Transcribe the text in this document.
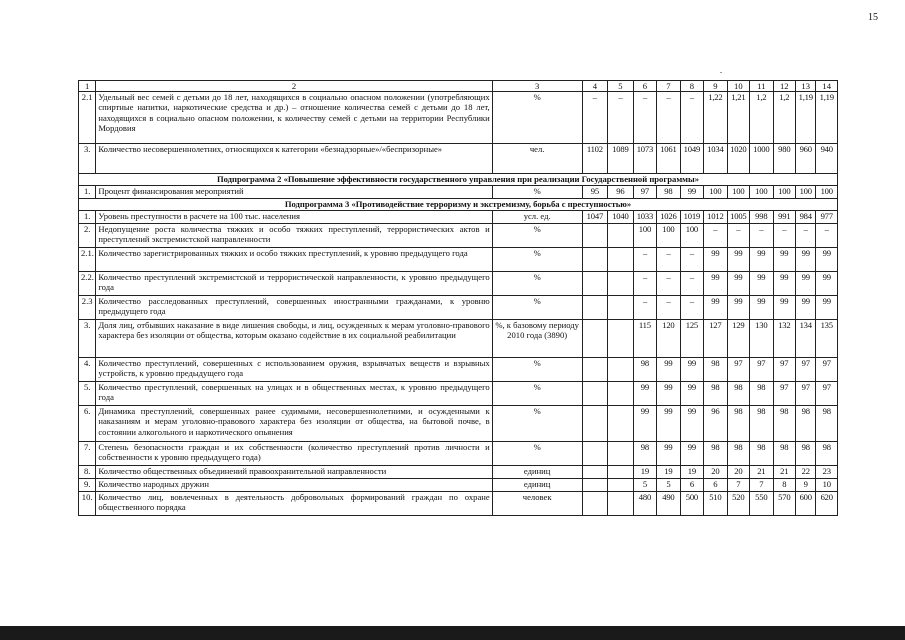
15
1	2	3	4	5	6	7	8	9	10	11	12	13	14
2.1	Удельный вес семей с детьми до 18 лет, находящихся в социально опасном положении (употребляющих спиртные напитки, наркотические средства и др.) – отношение количества семей с детьми до 18 лет, находящихся в социально опасном положении, к количеству семей с детьми на территории Республики Мордовия	%	–	–	–	–	–	1,22	1,21	1,2	1,2	1,19	1,19
3.	Количество несовершеннолетних, относящихся к категории «безнадзорные»/«беспризорные»	чел.	1102	1089	1073	1061	1049	1034	1020	1000	980	960	940
Подпрограмма 2 «Повышение эффективности государственного управления при реализации Государственной программы»													
1.	Процент финансирования мероприятий	%	95	96	97	98	99	100	100	100	100	100	100
Подпрограмма 3 «Противодействие терроризму и экстремизму, борьба с преступностью»													
1.	Уровень преступности в расчете на 100 тыс. населения	усл. ед.	1047	1040	1033	1026	1019	1012	1005	998	991	984	977
2.	Недопущение роста количества тяжких и особо тяжких преступлений, террористических актов и преступлений экстремистской направленности	%			100	100	100	–	–	–	–	–	–
2.1.	Количество зарегистрированных тяжких и особо тяжких преступлений, к уровню предыдущего года	%			–	–	–	99	99	99	99	99	99
2.2.	Количество преступлений экстремистской и террористической направленности, к уровню предыдущего года	%			–	–	–	99	99	99	99	99	99
2.3	Количество расследованных преступлений, совершенных иностранными гражданами, к уровню предыдущего года	%			–	–	–	99	99	99	99	99	99
3.	Доля лиц, отбывших наказание в виде лишения свободы, и лиц, осужденных к мерам уголовно-правового характера без изоляции от общества, которым оказано содействие в их социальной реабилитации	%, к базовому периоду 2010 года (3890)			115	120	125	127	129	130	132	134	135
4.	Количество преступлений, совершенных с использованием оружия, взрывчатых веществ и взрывных устройств, к уровню предыдущего года	%			98	99	99	98	97	97	97	97	97
5.	Количество преступлений, совершенных на улицах и в общественных местах, к уровню предыдущего года	%			99	99	99	98	98	98	97	97	97
6.	Динамика преступлений, совершенных ранее судимыми, несовершеннолетними, и осужденными к наказаниям и мерам уголовно-правового характера без изоляции от общества, на бытовой почве, в состоянии алкогольного и наркотического опьянения	%			99	99	99	96	98	98	98	98	98
7.	Степень безопасности граждан и их собственности (количество преступлений против личности и собственности к уровню предыдущего года)	%			98	99	99	98	98	98	98	98	98
8.	Количество общественных объединений правоохранительной направленности	единиц			19	19	19	20	20	21	21	22	23
9.	Количество народных дружин	единиц			5	5	6	6	7	7	8	9	10
10.	Количество лиц, вовлеченных в деятельность добровольных формирований граждан по охране общественного порядка	человек			480	490	500	510	520	550	570	600	620
